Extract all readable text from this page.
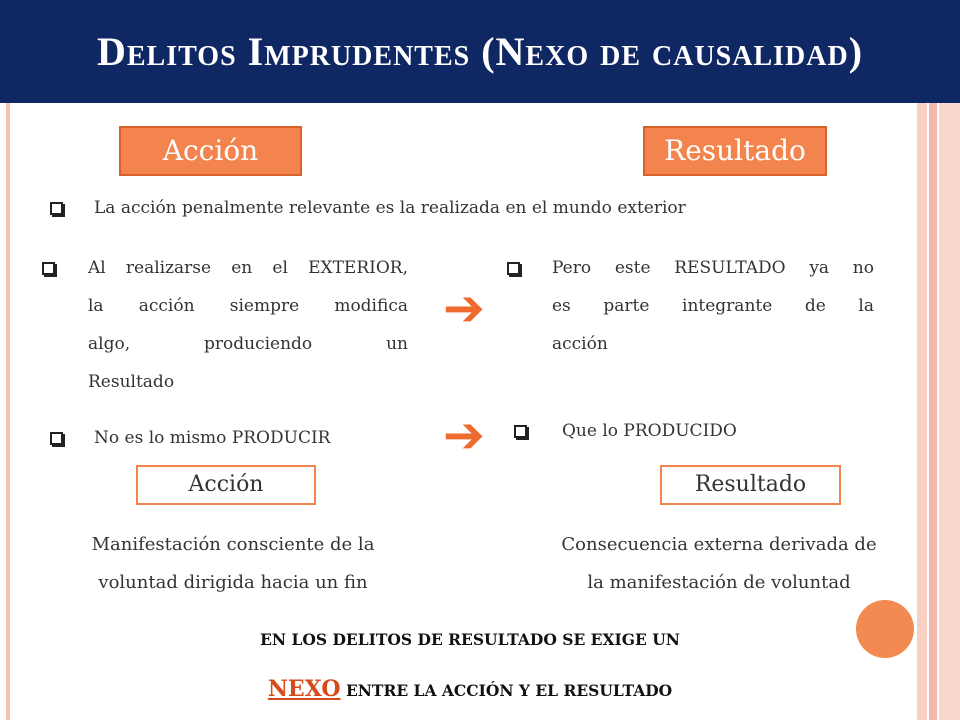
Delitos Imprudentes (Nexo de causalidad)
Acción	Resultado
La acción penalmente relevante es la realizada en el mundo exterior
Al realizarse en el EXTERIOR,
la acción siempre modifica
algo, produciendo un
Resultado
➔
Pero este RESULTADO ya no
es parte integrante de la
acción
No es lo mismo PRODUCIR ➔	Que lo PRODUCIDO
Acción	Resultado
Manifestación consciente de la
voluntad dirigida hacia un fin
Consecuencia externa derivada de
la manifestación de voluntad
EN LOS DELITOS DE RESULTADO SE EXIGE UN
NEXO ENTRE LA ACCIÓN Y EL RESULTADO
